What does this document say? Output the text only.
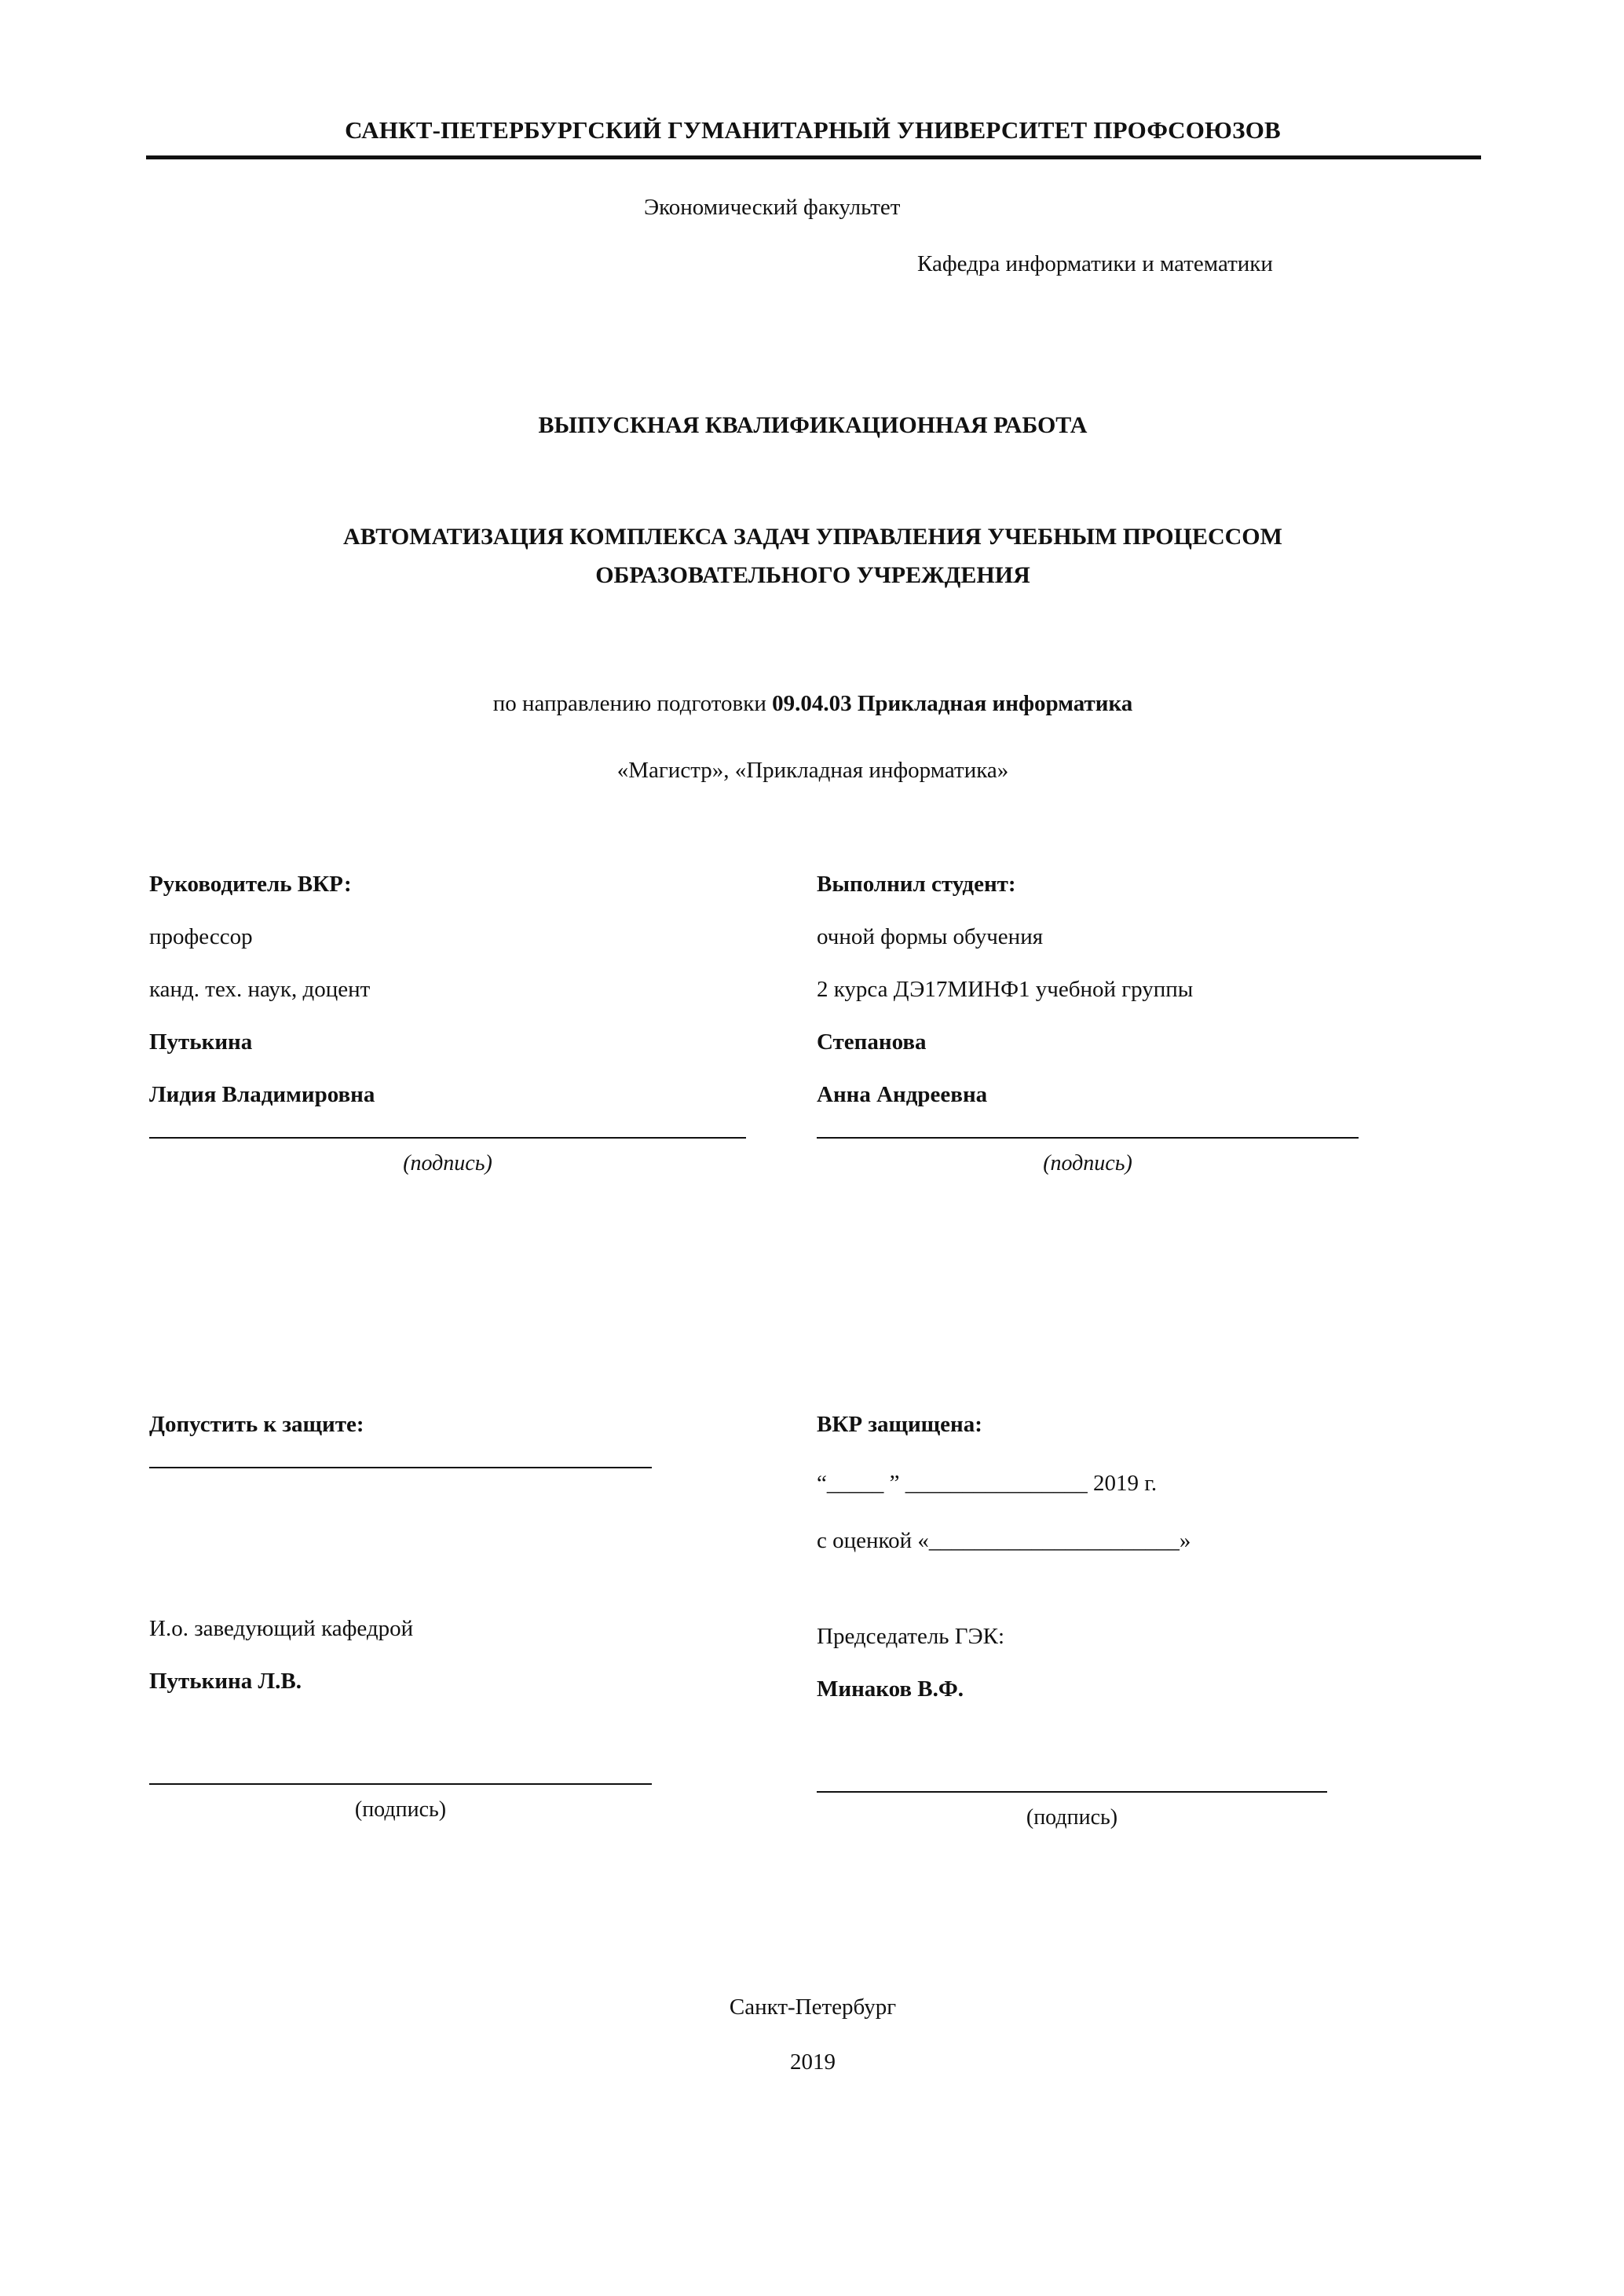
САНКТ-ПЕТЕРБУРГСКИЙ ГУМАНИТАРНЫЙ УНИВЕРСИТЕТ ПРОФСОЮЗОВ
Экономический факультет
Кафедра информатики и математики
ВЫПУСКНАЯ КВАЛИФИКАЦИОННАЯ РАБОТА
АВТОМАТИЗАЦИЯ КОМПЛЕКСА ЗАДАЧ УПРАВЛЕНИЯ УЧЕБНЫМ ПРОЦЕССОМ
ОБРАЗОВАТЕЛЬНОГО УЧРЕЖДЕНИЯ
по направлению подготовки 09.04.03 Прикладная информатика
«Магистр», «Прикладная информатика»
Руководитель ВКР:
профессор
канд. тех. наук, доцент
Путькина
Лидия Владимировна
(подпись)
Выполнил студент:
очной формы обучения
2 курса ДЭ17МИНФ1 учебной группы
Степанова
Анна Андреевна
(подпись)
Допустить к защите:	ВКР защищена:
“_____ ” ________________ 2019 г.
с оценкой «______________________»
И.о. заведующий кафедрой
Путькина Л.В.
(подпись)
Председатель ГЭК:
Минаков В.Ф.
(подпись)
Санкт-Петербург
2019
